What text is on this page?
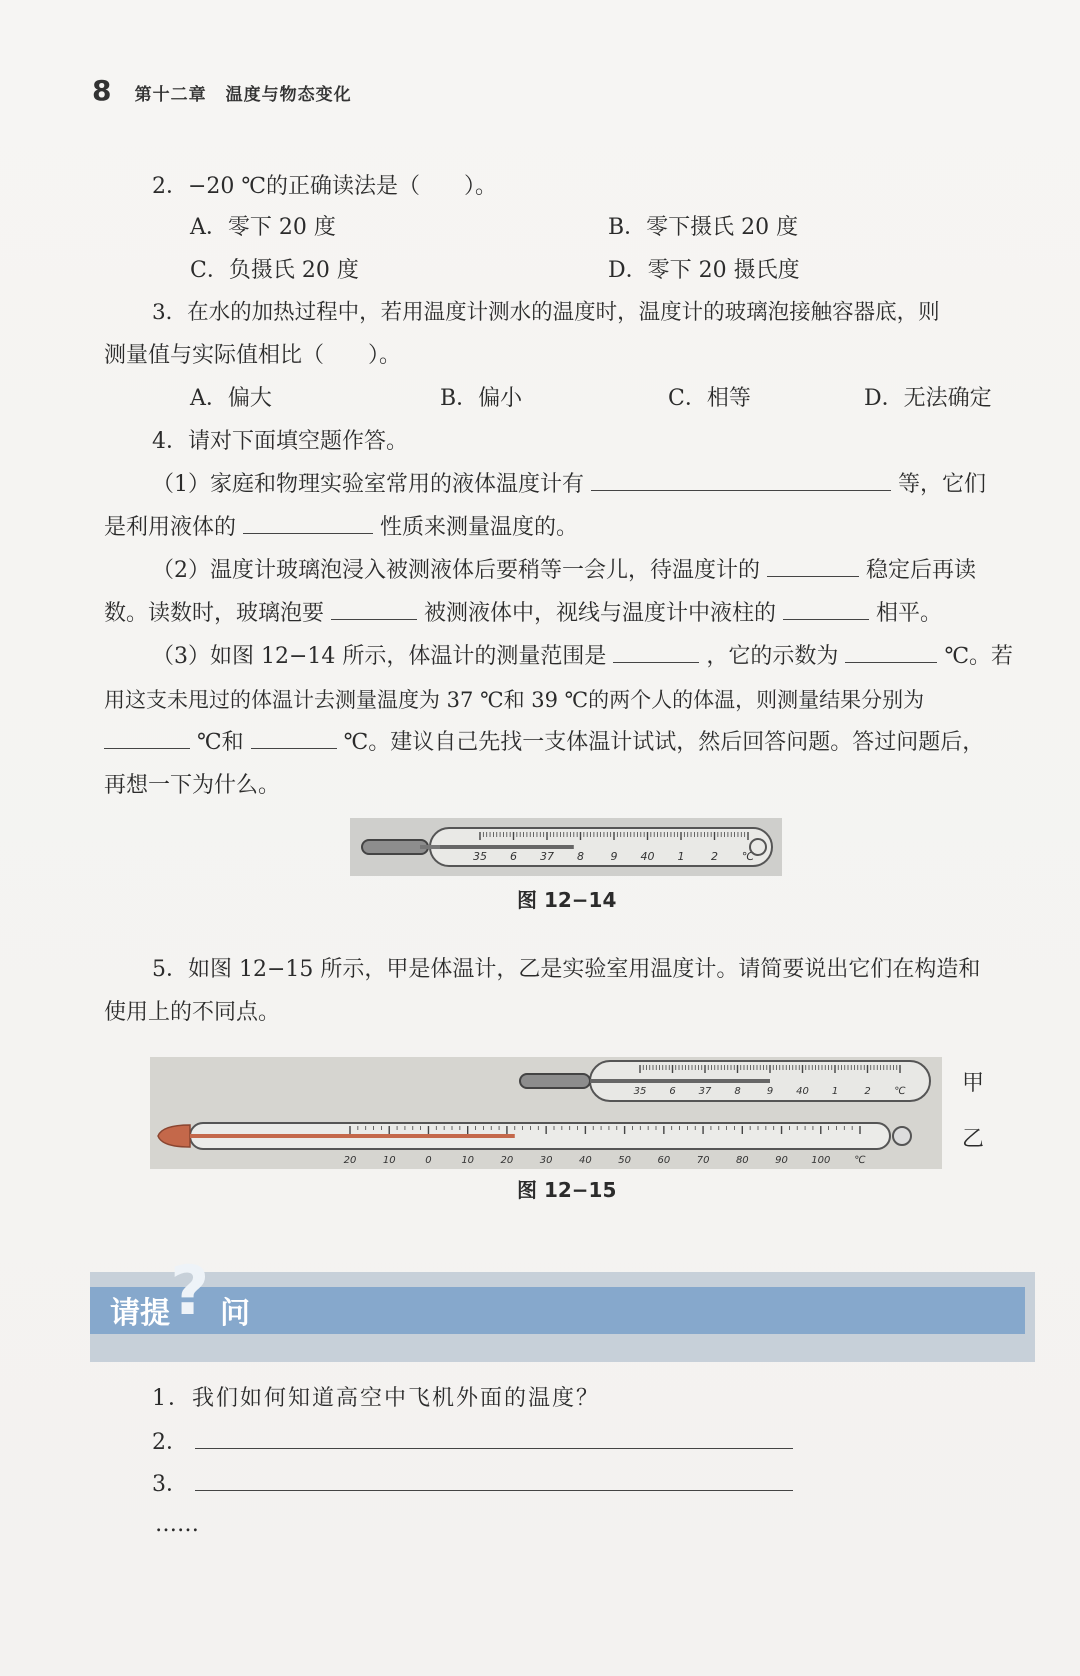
8 第十二章 温度与物态变化
2．−20 ℃的正确读法是（　　）。
A．零下 20 度	B．零下摄氏 20 度
C．负摄氏 20 度	D．零下 20 摄氏度
3．在水的加热过程中，若用温度计测水的温度时，温度计的玻璃泡接触容器底，则
测量值与实际值相比（　　）。
A．偏大	B．偏小	C．相等	D．无法确定
4．请对下面填空题作答。
（1）家庭和物理实验室常用的液体温度计有	等，它们
是利用液体的	性质来测量温度的。
（2）温度计玻璃泡浸入被测液体后要稍等一会儿，待温度计的	稳定后再读
数。读数时，玻璃泡要	被测液体中，视线与温度计中液柱的	相平。
（3）如图 12−14 所示，体温计的测量范围是	，它的示数为	℃。若
用这支未甩过的体温计去测量温度为 37 ℃和 39 ℃的两个人的体温，则测量结果分别为
℃和	℃。建议自己先找一支体温计试试，然后回答问题。答过问题后，
再想一下为什么。
35 6 37 8 9 40 1 2 ℃
图 12−14
5．如图 12−15 所示，甲是体温计，乙是实验室用温度计。请简要说出它们在构造和
使用上的不同点。
35 6 37 8	9 40 1	2 ℃
20	10	0	10	20	30	40	50	60	70	80	90 100 ℃
甲
乙
图 12−15
请提 ? 问
1．我们如何知道高空中飞机外面的温度？
2．
3．
……
